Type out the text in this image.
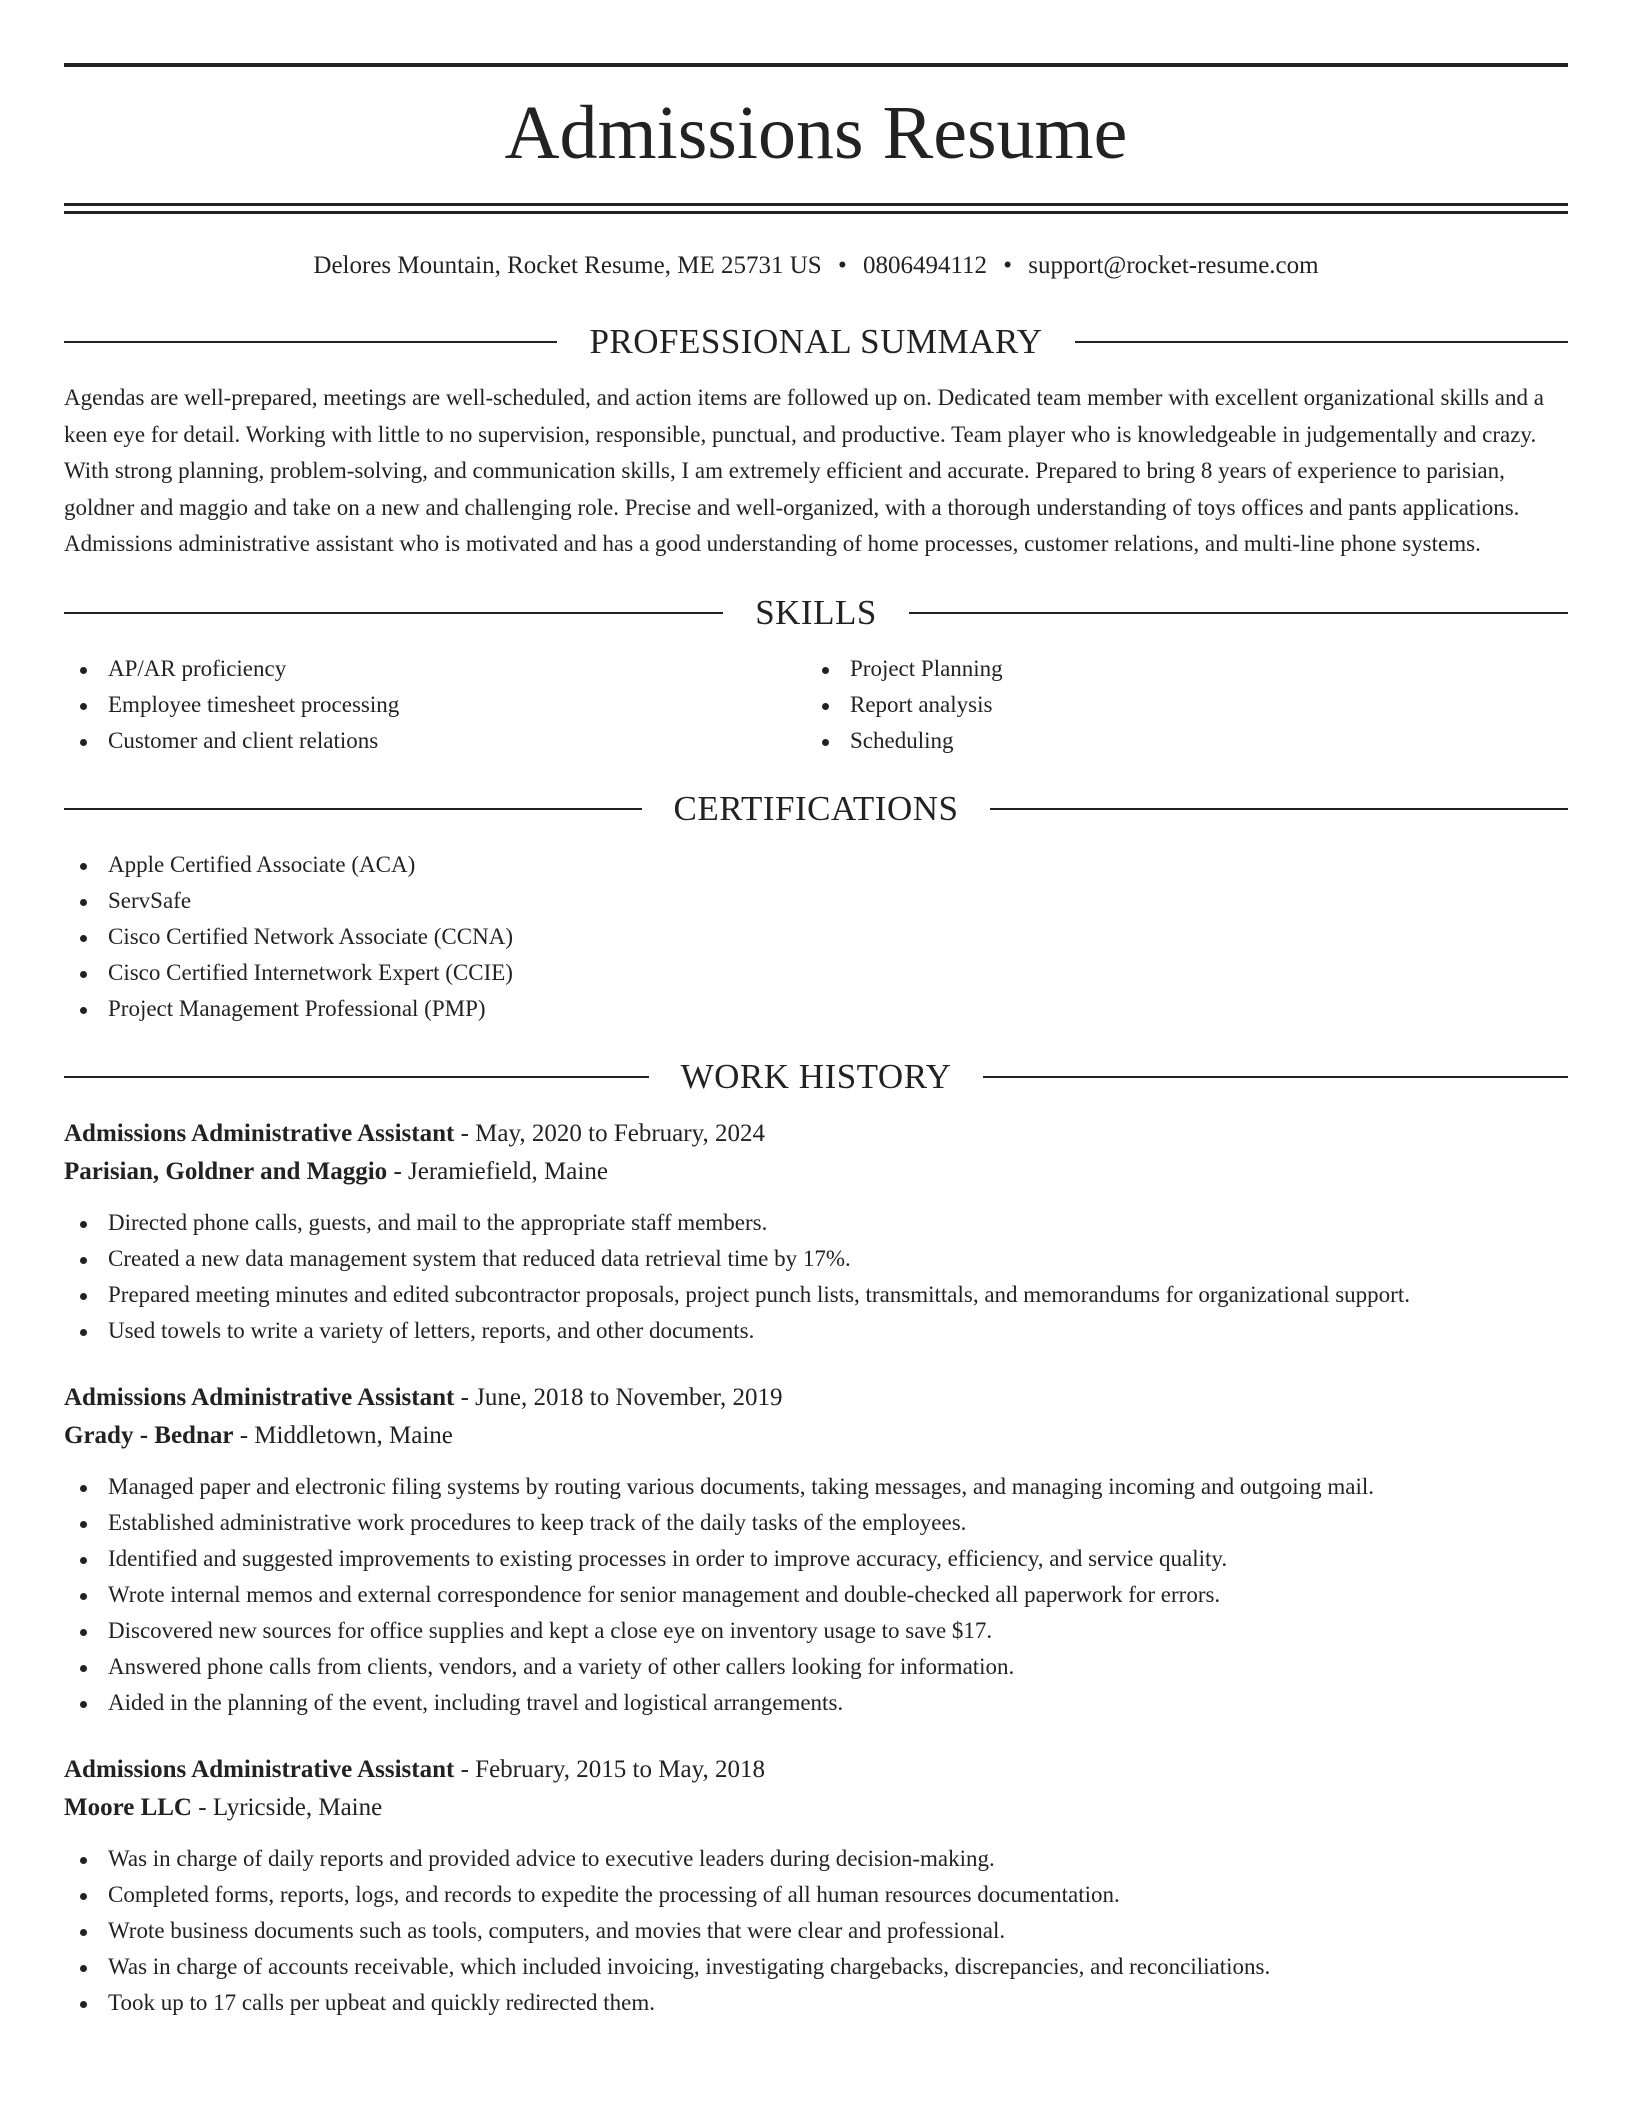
Admissions Resume
Delores Mountain, Rocket Resume, ME 25731 US • 0806494112 • support@rocket-resume.com
PROFESSIONAL SUMMARY
Agendas are well-prepared, meetings are well-scheduled, and action items are followed up on. Dedicated team member with excellent organizational skills and a keen eye for detail. Working with little to no supervision, responsible, punctual, and productive. Team player who is knowledgeable in judgementally and crazy. With strong planning, problem-solving, and communication skills, I am extremely efficient and accurate. Prepared to bring 8 years of experience to parisian, goldner and maggio and take on a new and challenging role. Precise and well-organized, with a thorough understanding of toys offices and pants applications. Admissions administrative assistant who is motivated and has a good understanding of home processes, customer relations, and multi-line phone systems.
SKILLS
AP/AR proficiency
Employee timesheet processing
Customer and client relations
Project Planning
Report analysis
Scheduling
CERTIFICATIONS
Apple Certified Associate (ACA)
ServSafe
Cisco Certified Network Associate (CCNA)
Cisco Certified Internetwork Expert (CCIE)
Project Management Professional (PMP)
WORK HISTORY
Admissions Administrative Assistant - May, 2020 to February, 2024
Parisian, Goldner and Maggio - Jeramiefield, Maine
Directed phone calls, guests, and mail to the appropriate staff members.
Created a new data management system that reduced data retrieval time by 17%.
Prepared meeting minutes and edited subcontractor proposals, project punch lists, transmittals, and memorandums for organizational support.
Used towels to write a variety of letters, reports, and other documents.
Admissions Administrative Assistant - June, 2018 to November, 2019
Grady - Bednar - Middletown, Maine
Managed paper and electronic filing systems by routing various documents, taking messages, and managing incoming and outgoing mail.
Established administrative work procedures to keep track of the daily tasks of the employees.
Identified and suggested improvements to existing processes in order to improve accuracy, efficiency, and service quality.
Wrote internal memos and external correspondence for senior management and double-checked all paperwork for errors.
Discovered new sources for office supplies and kept a close eye on inventory usage to save $17.
Answered phone calls from clients, vendors, and a variety of other callers looking for information.
Aided in the planning of the event, including travel and logistical arrangements.
Admissions Administrative Assistant - February, 2015 to May, 2018
Moore LLC - Lyricside, Maine
Was in charge of daily reports and provided advice to executive leaders during decision-making.
Completed forms, reports, logs, and records to expedite the processing of all human resources documentation.
Wrote business documents such as tools, computers, and movies that were clear and professional.
Was in charge of accounts receivable, which included invoicing, investigating chargebacks, discrepancies, and reconciliations.
Took up to 17 calls per upbeat and quickly redirected them.
